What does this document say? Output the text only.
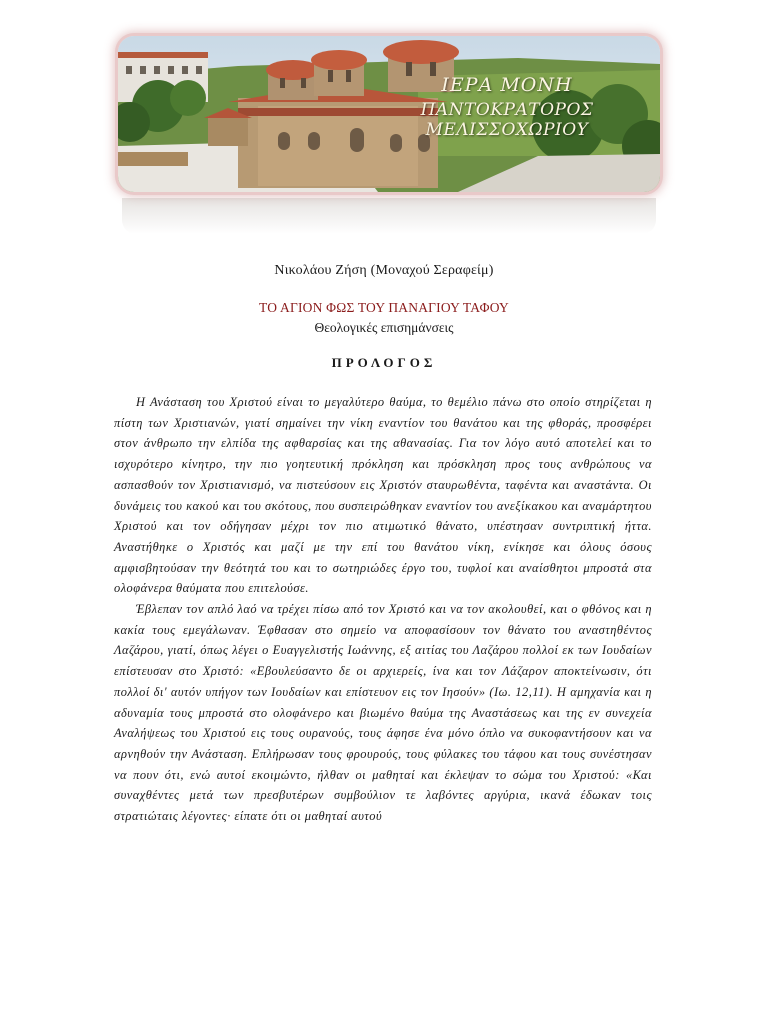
ΙΕΡΑ ΜΟΝΗ
ΠΑΝΤΟΚΡΑΤΟΡΟΣ ΜΕΛΙΣΣΟΧΩΡΙΟΥ
Νικολάου Ζήση (Μοναχού Σεραφείμ)
ΤΟ ΑΓΙΟΝ ΦΩΣ ΤΟΥ ΠΑΝΑΓΙΟΥ ΤΑΦΟΥ
Θεολογικές επισημάνσεις
ΠΡΟΛΟΓΟΣ

Η Ανάσταση του Χριστού είναι το μεγαλύτερο θαύμα, το θεμέλιο πάνω στο οποίο στηρίζεται η πίστη των Χριστιανών, γιατί σημαίνει την νίκη εναντίον του θανάτου και της φθοράς, προσφέρει στον άνθρωπο την ελπίδα της αφθαρσίας και της αθανασίας. Για τον λόγο αυτό αποτελεί και το ισχυρότερο κίνητρο, την πιο γοητευτική πρόκληση και πρόσκληση προς τους ανθρώπους να ασπασθούν τον Χριστιανισμό, να πιστεύσουν εις Χριστόν σταυρωθέντα, ταφέντα και αναστάντα. Οι δυνάμεις του κακού και του σκότους, που συσπειρώθηκαν εναντίον του ανεξίκακου και αναμάρτητου Χριστού και τον οδήγησαν μέχρι τον πιο ατιμωτικό θάνατο, υπέστησαν συντριπτική ήττα. Αναστήθηκε ο Χριστός και μαζί με την επί του θανάτου νίκη, ενίκησε και όλους όσους αμφισβητούσαν την θεότητά του και το σωτηριώδες έργο του, τυφλοί και αναίσθητοι μπροστά στα ολοφάνερα θαύματα που επιτελούσε.

Έβλεπαν τον απλό λαό να τρέχει πίσω από τον Χριστό και να τον ακολουθεί, και ο φθόνος και η κακία τους εμεγάλωναν. Έφθασαν στο σημείο να αποφασίσουν τον θάνατο του αναστηθέντος Λαζάρου, γιατί, όπως λέγει ο Ευαγγελιστής Ιωάννης, εξ αιτίας του Λαζάρου πολλοί εκ των Ιουδαίων επίστευσαν στο Χριστό: «Εβουλεύσαντο δε οι αρχιερείς, ίνα και τον Λάζαρον αποκτείνωσιν, ότι πολλοί δι' αυτόν υπήγον των Ιουδαίων και επίστευον εις τον Ιησούν» (Ιω. 12,11). Η αμηχανία και η αδυναμία τους μπροστά στο ολοφάνερο και βιωμένο θαύμα της Αναστάσεως και της εν συνεχεία Αναλήψεως του Χριστού εις τους ουρανούς, τους άφησε ένα μόνο όπλο να συκοφαντήσουν και να αρνηθούν την Ανάσταση. Επλήρωσαν τους φρουρούς, τους φύλακες του τάφου και τους συνέστησαν να πουν ότι, ενώ αυτοί εκοιμώντο, ήλθαν οι μαθηταί και έκλεψαν το σώμα του Χριστού: «Και συναχθέντες μετά των πρεσβυτέρων συμβούλιον τε λαβόντες αργύρια, ικανά έδωκαν τοις στρατιώταις λέγοντες· είπατε ότι οι μαθηταί αυτού
